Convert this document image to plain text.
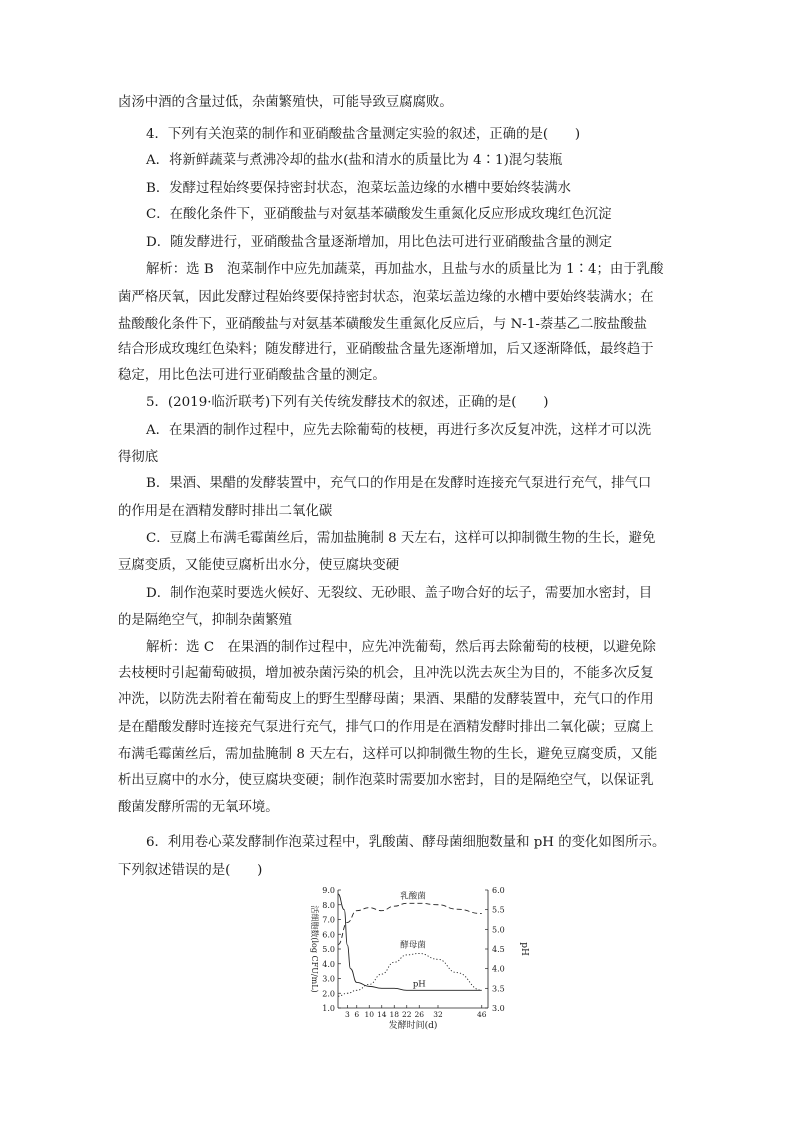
卤汤中酒的含量过低，杂菌繁殖快，可能导致豆腐腐败。
4．下列有关泡菜的制作和亚硝酸盐含量测定实验的叙述，正确的是(　　)
A．将新鲜蔬菜与煮沸冷却的盐水(盐和清水的质量比为 4∶1)混匀装瓶
B．发酵过程始终要保持密封状态，泡菜坛盖边缘的水槽中要始终装满水
C．在酸化条件下，亚硝酸盐与对氨基苯磺酸发生重氮化反应形成玫瑰红色沉淀
D．随发酵进行，亚硝酸盐含量逐渐增加，用比色法可进行亚硝酸盐含量的测定
解析：选 B　泡菜制作中应先加蔬菜，再加盐水，且盐与水的质量比为 1∶4；由于乳酸
菌严格厌氧，因此发酵过程始终要保持密封状态，泡菜坛盖边缘的水槽中要始终装满水；在
盐酸酸化条件下，亚硝酸盐与对氨基苯磺酸发生重氮化反应后，与 N-1-萘基乙二胺盐酸盐
结合形成玫瑰红色染料；随发酵进行，亚硝酸盐含量先逐渐增加，后又逐渐降低，最终趋于
稳定，用比色法可进行亚硝酸盐含量的测定。
5．(2019·临沂联考)下列有关传统发酵技术的叙述，正确的是(　　)
A．在果酒的制作过程中，应先去除葡萄的枝梗，再进行多次反复冲洗，这样才可以洗
得彻底
B．果酒、果醋的发酵装置中，充气口的作用是在发酵时连接充气泵进行充气，排气口
的作用是在酒精发酵时排出二氧化碳
C．豆腐上布满毛霉菌丝后，需加盐腌制 8 天左右，这样可以抑制微生物的生长，避免
豆腐变质，又能使豆腐析出水分，使豆腐块变硬
D．制作泡菜时要选火候好、无裂纹、无砂眼、盖子吻合好的坛子，需要加水密封，目
的是隔绝空气，抑制杂菌繁殖
解析：选 C　在果酒的制作过程中，应先冲洗葡萄，然后再去除葡萄的枝梗，以避免除
去枝梗时引起葡萄破损，增加被杂菌污染的机会，且冲洗以洗去灰尘为目的，不能多次反复
冲洗，以防洗去附着在葡萄皮上的野生型酵母菌；果酒、果醋的发酵装置中，充气口的作用
是在醋酸发酵时连接充气泵进行充气，排气口的作用是在酒精发酵时排出二氧化碳；豆腐上
布满毛霉菌丝后，需加盐腌制 8 天左右，这样可以抑制微生物的生长，避免豆腐变质，又能
析出豆腐中的水分，使豆腐块变硬；制作泡菜时需要加水密封，目的是隔绝空气，以保证乳
酸菌发酵所需的无氧环境。
6．利用卷心菜发酵制作泡菜过程中，乳酸菌、酵母菌细胞数量和 pH 的变化如图所示。
下列叙述错误的是(　　)
1.0
2.0
3.0
4.0
5.0
6.0
7.0
8.0
9.0
3.0
3.5
4.0
4.5
5.0
5.5
6.0
3 6 10 14 18 22 26 32	46
发酵时间(d)
活细胞数(log CFU/mL)	pH
乳酸菌
酵母菌
pH
